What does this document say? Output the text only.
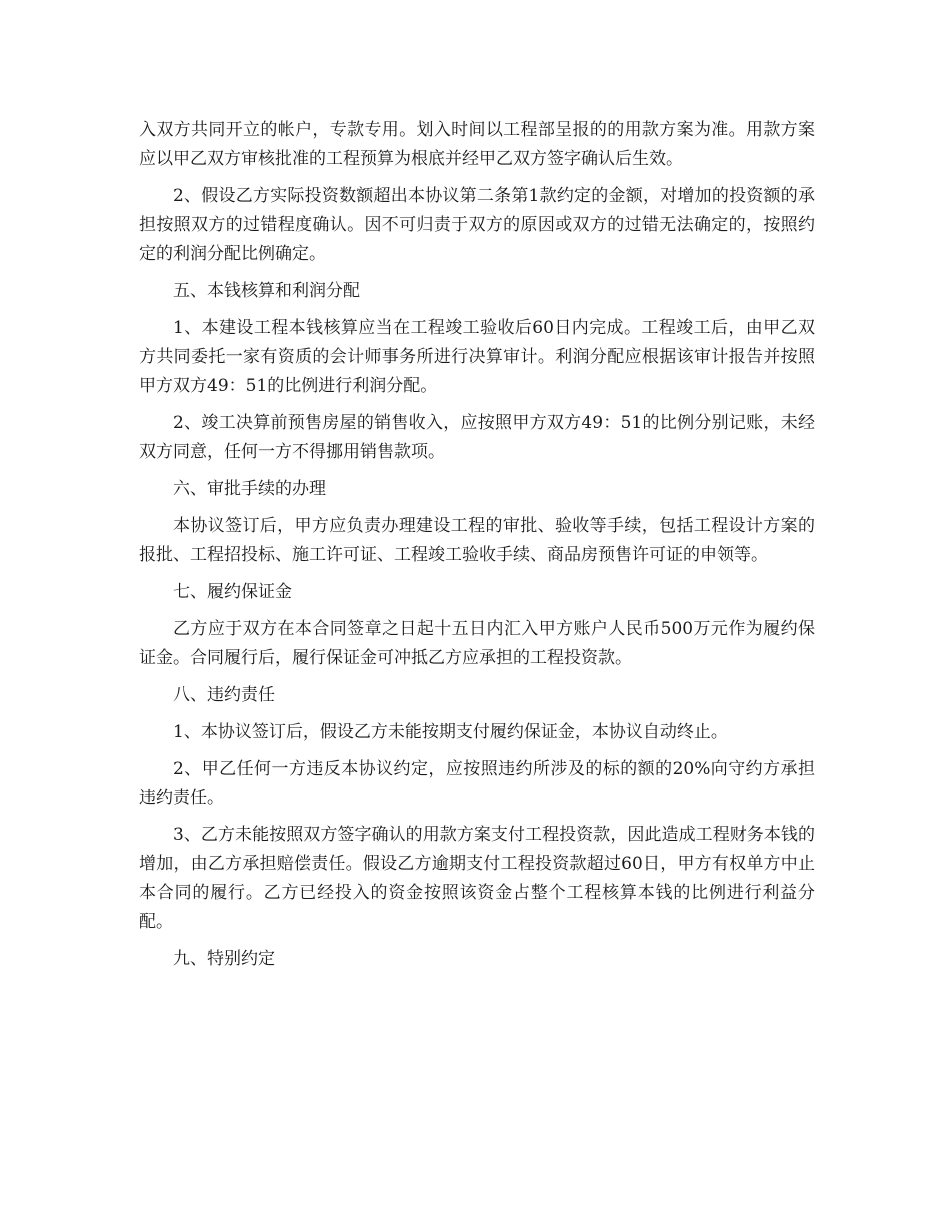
入双方共同开立的帐户，专款专用。划入时间以工程部呈报的的用款方案为准。用款方案应以甲乙双方审核批准的工程预算为根底并经甲乙双方签字确认后生效。

2、假设乙方实际投资数额超出本协议第二条第1款约定的金额，对增加的投资额的承担按照双方的过错程度确认。因不可归责于双方的原因或双方的过错无法确定的，按照约定的利润分配比例确定。

五、本钱核算和利润分配

1、本建设工程本钱核算应当在工程竣工验收后60日内完成。工程竣工后，由甲乙双方共同委托一家有资质的会计师事务所进行决算审计。利润分配应根据该审计报告并按照甲方双方49：51的比例进行利润分配。

2、竣工决算前预售房屋的销售收入，应按照甲方双方49：51的比例分别记账，未经双方同意，任何一方不得挪用销售款项。

六、审批手续的办理

本协议签订后，甲方应负责办理建设工程的审批、验收等手续，包括工程设计方案的报批、工程招投标、施工许可证、工程竣工验收手续、商品房预售许可证的申领等。

七、履约保证金

乙方应于双方在本合同签章之日起十五日内汇入甲方账户人民币500万元作为履约保证金。合同履行后，履行保证金可冲抵乙方应承担的工程投资款。

八、违约责任

1、本协议签订后，假设乙方未能按期支付履约保证金，本协议自动终止。

2、甲乙任何一方违反本协议约定，应按照违约所涉及的标的额的20%向守约方承担违约责任。

3、乙方未能按照双方签字确认的用款方案支付工程投资款，因此造成工程财务本钱的增加，由乙方承担赔偿责任。假设乙方逾期支付工程投资款超过60日，甲方有权单方中止本合同的履行。乙方已经投入的资金按照该资金占整个工程核算本钱的比例进行利益分配。

九、特别约定
